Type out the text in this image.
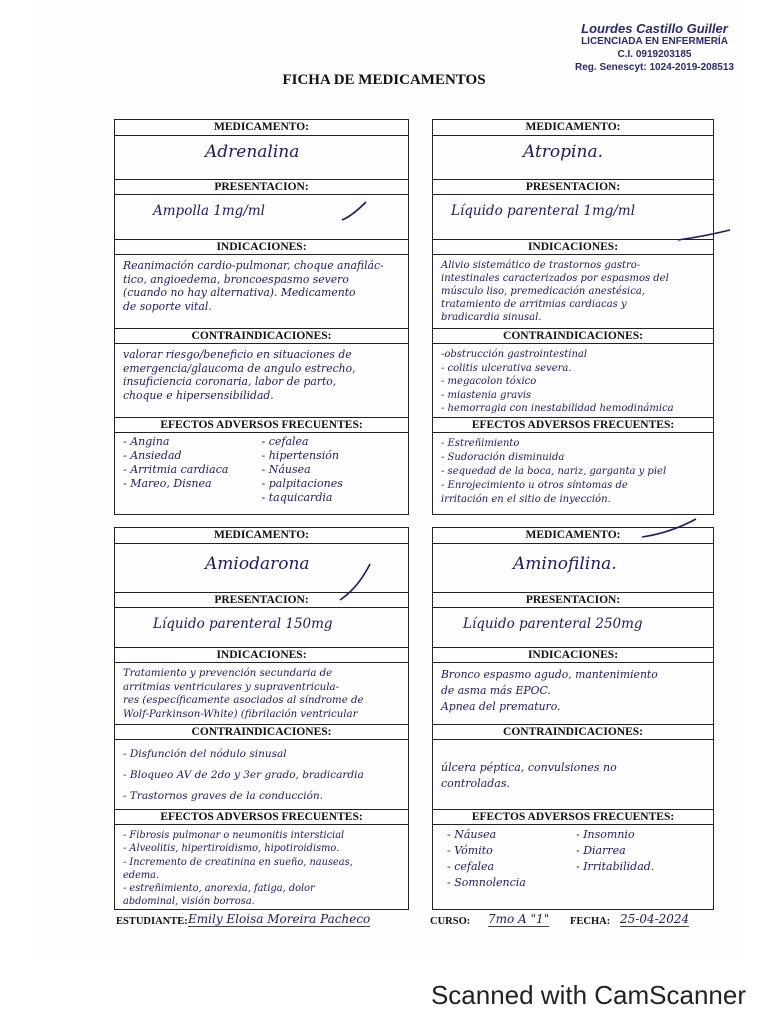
Lourdes Castillo Guiller
LICENCIADA EN ENFERMERÍA
C.I. 0919203185
Reg. Senescyt: 1024-2019-208513
FICHA DE MEDICAMENTOS
MEDICAMENTO:
Adrenalina
PRESENTACION:
Ampolla 1mg/ml
INDICACIONES:
Reanimación cardio-pulmonar, choque anafilác-
tico, angioedema, broncoespasmo severo
(cuando no hay alternativa). Medicamento
de soporte vital.
CONTRAINDICACIONES:
valorar riesgo/beneficio en situaciones de
emergencia/glaucoma de angulo estrecho,
insuficiencia coronaria, labor de parto,
choque e hipersensibilidad.
EFECTOS ADVERSOS FRECUENTES:
- Angina
- Ansiedad
- Arritmia cardiaca
- Mareo, Disnea
- cefalea
- hipertensión
- Náusea
- palpitaciones
- taquicardia
MEDICAMENTO:
Atropina.
PRESENTACION:
Líquido parenteral 1mg/ml
INDICACIONES:
Alivio sistemático de trastornos gastro-
intestinales caracterizados por espasmos del
músculo liso, premedicación anestésica,
tratamiento de arritmias cardiacas y
bradicardia sinusal.
CONTRAINDICACIONES:
-obstrucción gastrointestinal
- colitis ulcerativa severa.
- megacolon tóxico
- miastenia gravis
- hemorragia con inestabilidad hemodinámica
EFECTOS ADVERSOS FRECUENTES:
- Estreñimiento
- Sudoración disminuida
- sequedad de la boca, nariz, garganta y piel
- Enrojecimiento u otros síntomas de
irritación en el sitio de inyección.
MEDICAMENTO:
Amiodarona
PRESENTACION:
Líquido parenteral 150mg
INDICACIONES:
Tratamiento y prevención secundaria de
arritmias ventriculares y supraventricula-
res (específicamente asociados al síndrome de
Wolf-Parkinson-White) (fibrilación ventricular
CONTRAINDICACIONES:
- Disfunción del nódulo sinusal
- Bloqueo AV de 2do y 3er grado, bradicardia
- Trastornos graves de la conducción.
EFECTOS ADVERSOS FRECUENTES:
- Fibrosis pulmonar o neumonitis intersticial
- Alveolitis, hipertiroidismo, hipotiroidismo.
- Incremento de creatinina en sueño, nauseas,
edema.
- estreñimiento, anorexia, fatiga, dolor
abdominal, visión borrosa.
MEDICAMENTO:
Aminofilina.
PRESENTACION:
Líquido parenteral 250mg
INDICACIONES:
Bronco espasmo agudo, mantenimiento
de asma más EPOC.
Apnea del prematuro.
CONTRAINDICACIONES:
úlcera péptica, convulsiones no
controladas.
EFECTOS ADVERSOS FRECUENTES:
- Náusea
- Vómito
- cefalea
- Somnolencia
- Insomnio
- Diarrea
- Irritabilidad.
ESTUDIANTE: Emily Eloisa Moreira Pacheco	CURSO: 7mo A "1" FECHA: 25-04-2024
Scanned with CamScanner
